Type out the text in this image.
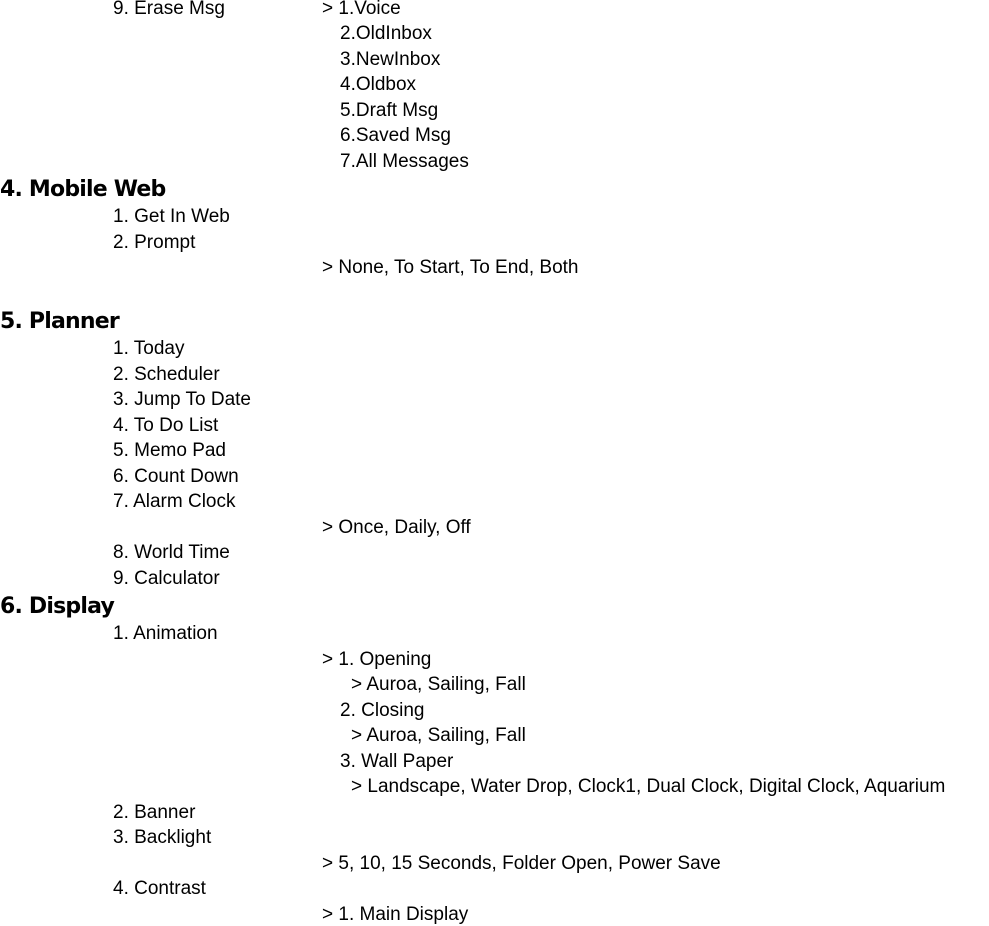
9. Erase Msg	> 1.Voice
2.OldInbox
3.NewInbox
4.Oldbox
5.Draft Msg
6.Saved Msg
7.All Messages
4. Mobile Web
1. Get In Web
2. Prompt
> None, To Start, To End, Both
5. Planner
1. Today
2. Scheduler
3. Jump To Date
4. To Do List
5. Memo Pad
6. Count Down
7. Alarm Clock
> Once, Daily, Off
8. World Time
9. Calculator
6. Display
1. Animation
> 1. Opening
> Auroa, Sailing, Fall
2. Closing
> Auroa, Sailing, Fall
3. Wall Paper
> Landscape, Water Drop, Clock1, Dual Clock, Digital Clock, Aquarium
2. Banner
3. Backlight
> 5, 10, 15 Seconds, Folder Open, Power Save
4. Contrast
> 1. Main Display
